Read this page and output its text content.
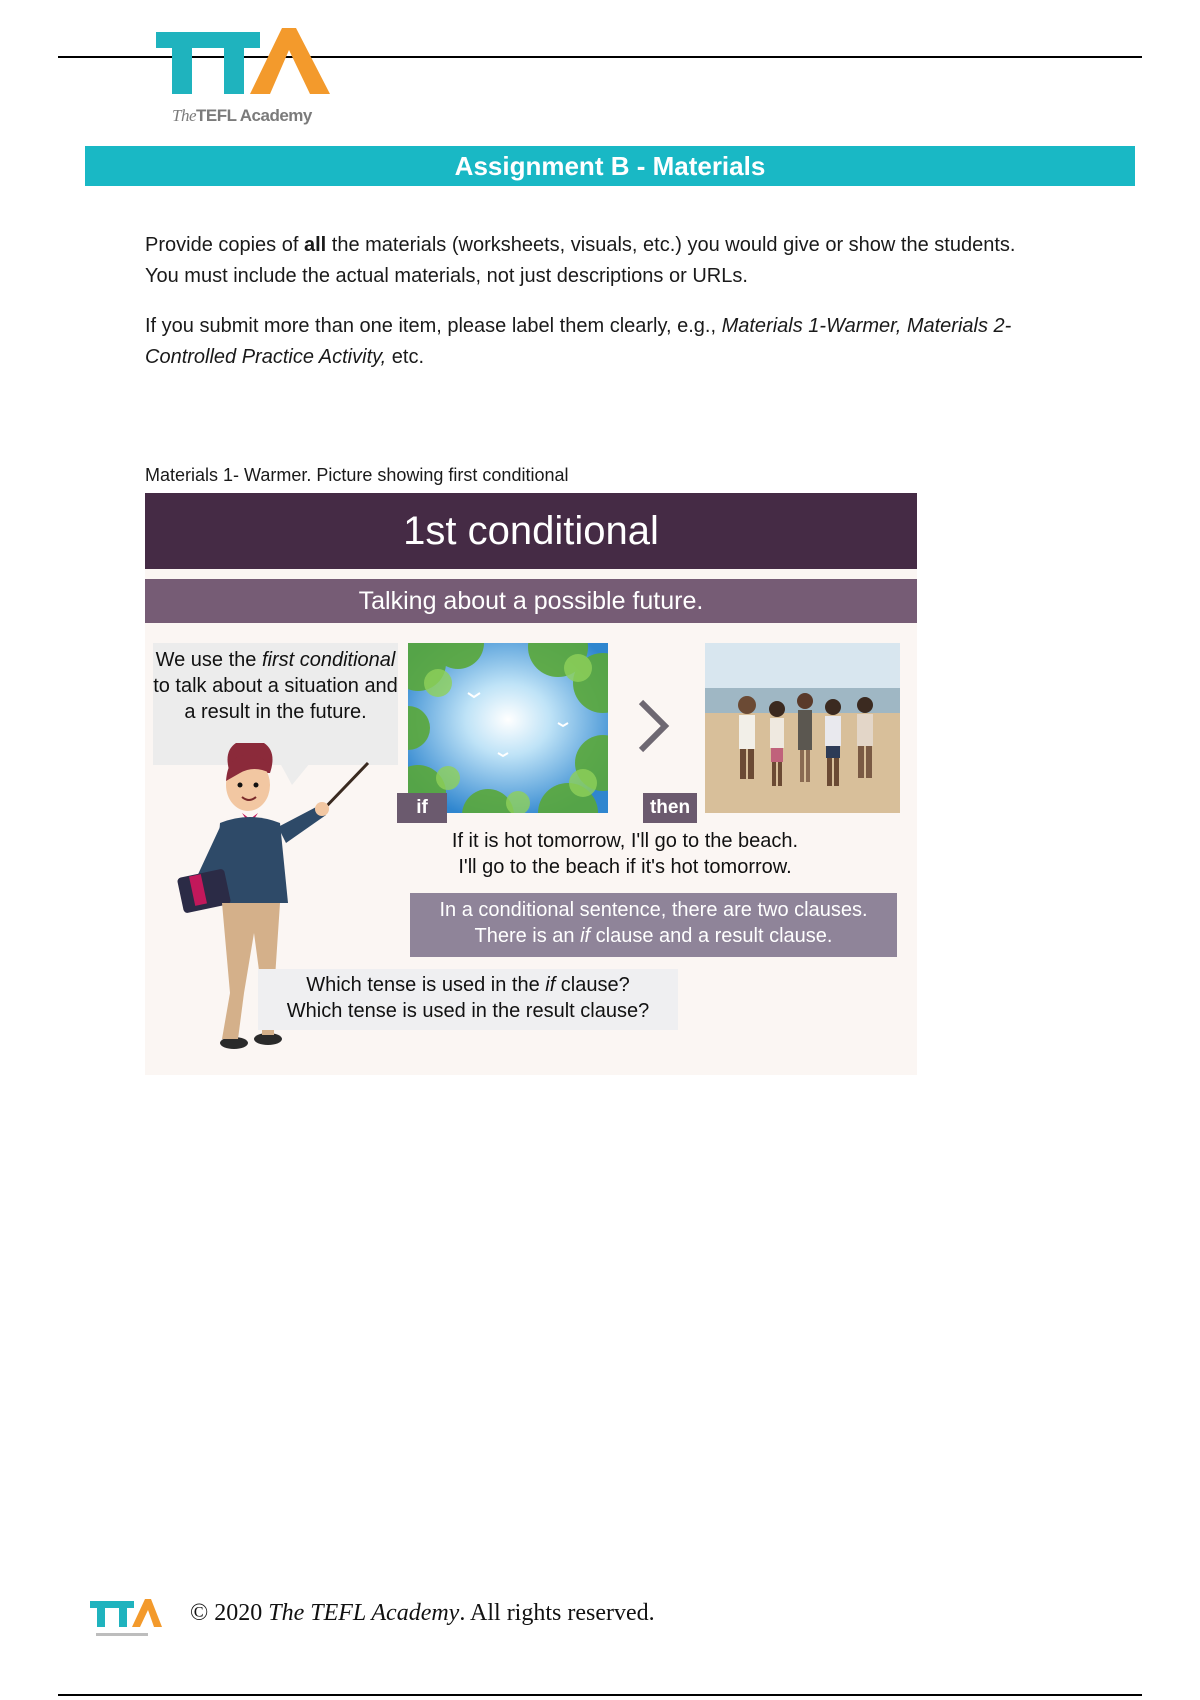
TheTEFL Academy
Assignment B - Materials
Provide copies of all the materials (worksheets, visuals, etc.) you would give or show the students. You must include the actual materials, not just descriptions or URLs.
If you submit more than one item, please label them clearly, e.g., Materials 1-Warmer, Materials 2- Controlled Practice Activity, etc.
Materials 1- Warmer. Picture showing first conditional
1st conditional
Talking about a possible future.
We use the first conditional to talk about a situation and a result in the future.
if	then
If it is hot tomorrow, I'll go to the beach.
I'll go to the beach if it's hot tomorrow.
In a conditional sentence, there are two clauses.
There is an if clause and a result clause.
Which tense is used in the if clause?
Which tense is used in the result clause?
© 2020 The TEFL Academy. All rights reserved.
